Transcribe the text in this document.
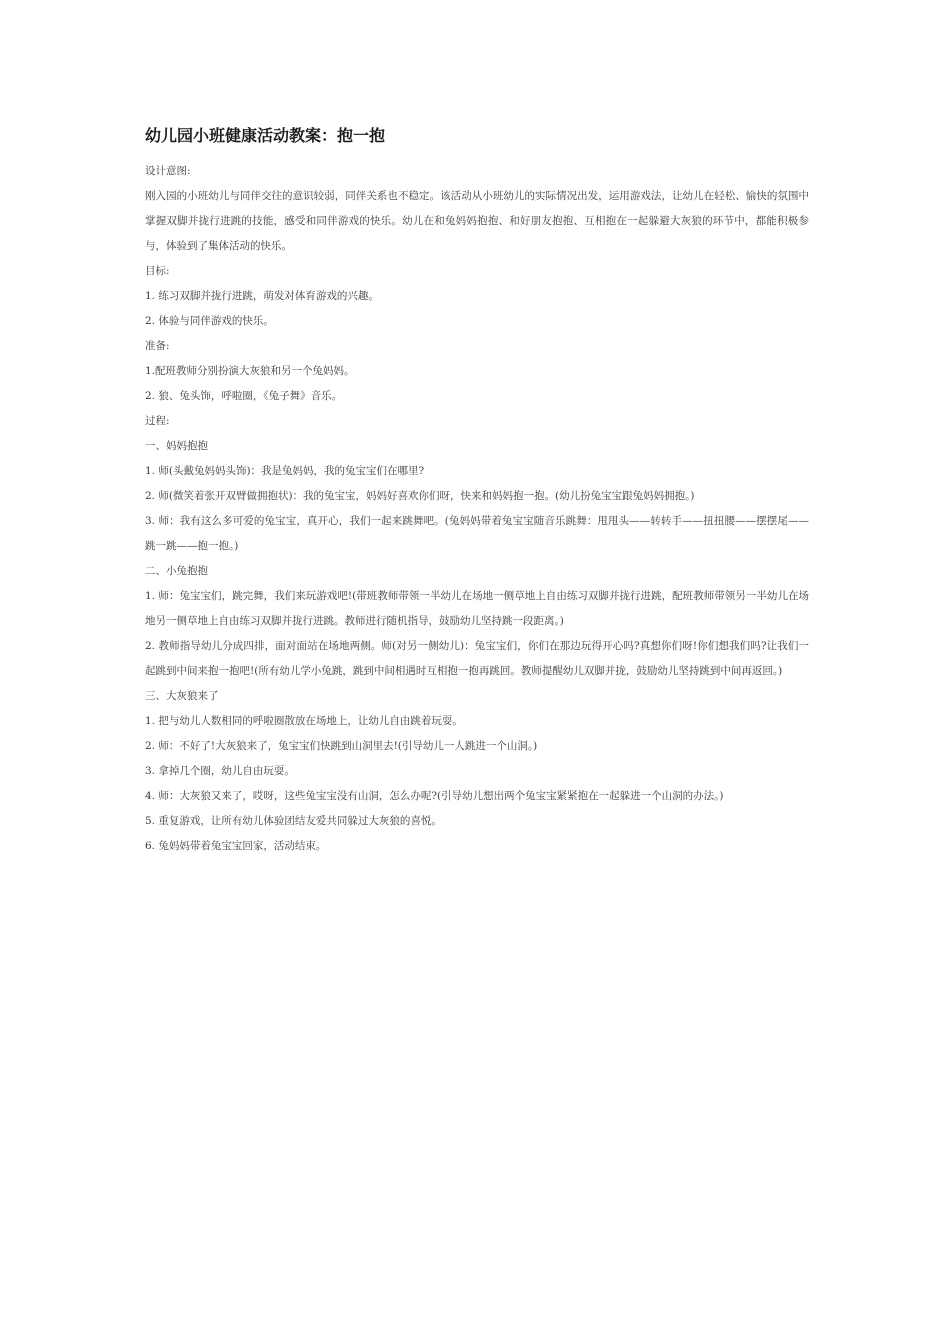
幼儿园小班健康活动教案：抱一抱

设计意图:

刚入园的小班幼儿与同伴交往的意识较弱，同伴关系也不稳定。该活动从小班幼儿的实际情况出发，运用游戏法，让幼儿在轻松、愉快的氛围中掌握双脚并拢行进跳的技能，感受和同伴游戏的快乐。幼儿在和兔妈妈抱抱、和好朋友抱抱、互相抱在一起躲避大灰狼的环节中，都能积极参与，体验到了集体活动的快乐。

目标:

1. 练习双脚并拢行进跳，萌发对体育游戏的兴趣。

2. 体验与同伴游戏的快乐。

准备:

1.配班教师分别扮演大灰狼和另一个兔妈妈。

2. 狼、兔头饰，呼啦圈，《兔子舞》音乐。

过程:

一、妈妈抱抱

1. 师(头戴兔妈妈头饰)：我是兔妈妈，我的兔宝宝们在哪里?

2. 师(微笑着张开双臂做拥抱状)：我的兔宝宝，妈妈好喜欢你们呀，快来和妈妈抱一抱。(幼儿扮兔宝宝跟兔妈妈拥抱。)

3. 师：我有这么多可爱的兔宝宝，真开心，我们一起来跳舞吧。(兔妈妈带着兔宝宝随音乐跳舞：甩甩头——转转手——扭扭腰——摆摆尾——跳一跳——抱一抱。)

二、小兔抱抱

1. 师：兔宝宝们，跳完舞，我们来玩游戏吧!(带班教师带领一半幼儿在场地一侧草地上自由练习双脚并拢行进跳，配班教师带领另一半幼儿在场地另一侧草地上自由练习双脚并拢行进跳。教师进行随机指导，鼓励幼儿坚持跳一段距离。)

2. 教师指导幼儿分成四排，面对面站在场地两侧。师(对另一侧幼儿)：兔宝宝们，你们在那边玩得开心吗?真想你们呀!你们想我们吗?让我们一起跳到中间来抱一抱吧!(所有幼儿学小兔跳，跳到中间相遇时互相抱一抱再跳回。教师提醒幼儿双脚并拢，鼓励幼儿坚持跳到中间再返回。)

三、大灰狼来了

1. 把与幼儿人数相同的呼啦圈散放在场地上，让幼儿自由跳着玩耍。

2. 师：不好了!大灰狼来了，兔宝宝们快跳到山洞里去!(引导幼儿一人跳进一个山洞。)

3. 拿掉几个圈，幼儿自由玩耍。

4. 师：大灰狼又来了，哎呀，这些兔宝宝没有山洞，怎么办呢?(引导幼儿想出两个兔宝宝紧紧抱在一起躲进一个山洞的办法。)

5. 重复游戏，让所有幼儿体验团结友爱共同躲过大灰狼的喜悦。

6. 兔妈妈带着兔宝宝回家，活动结束。
